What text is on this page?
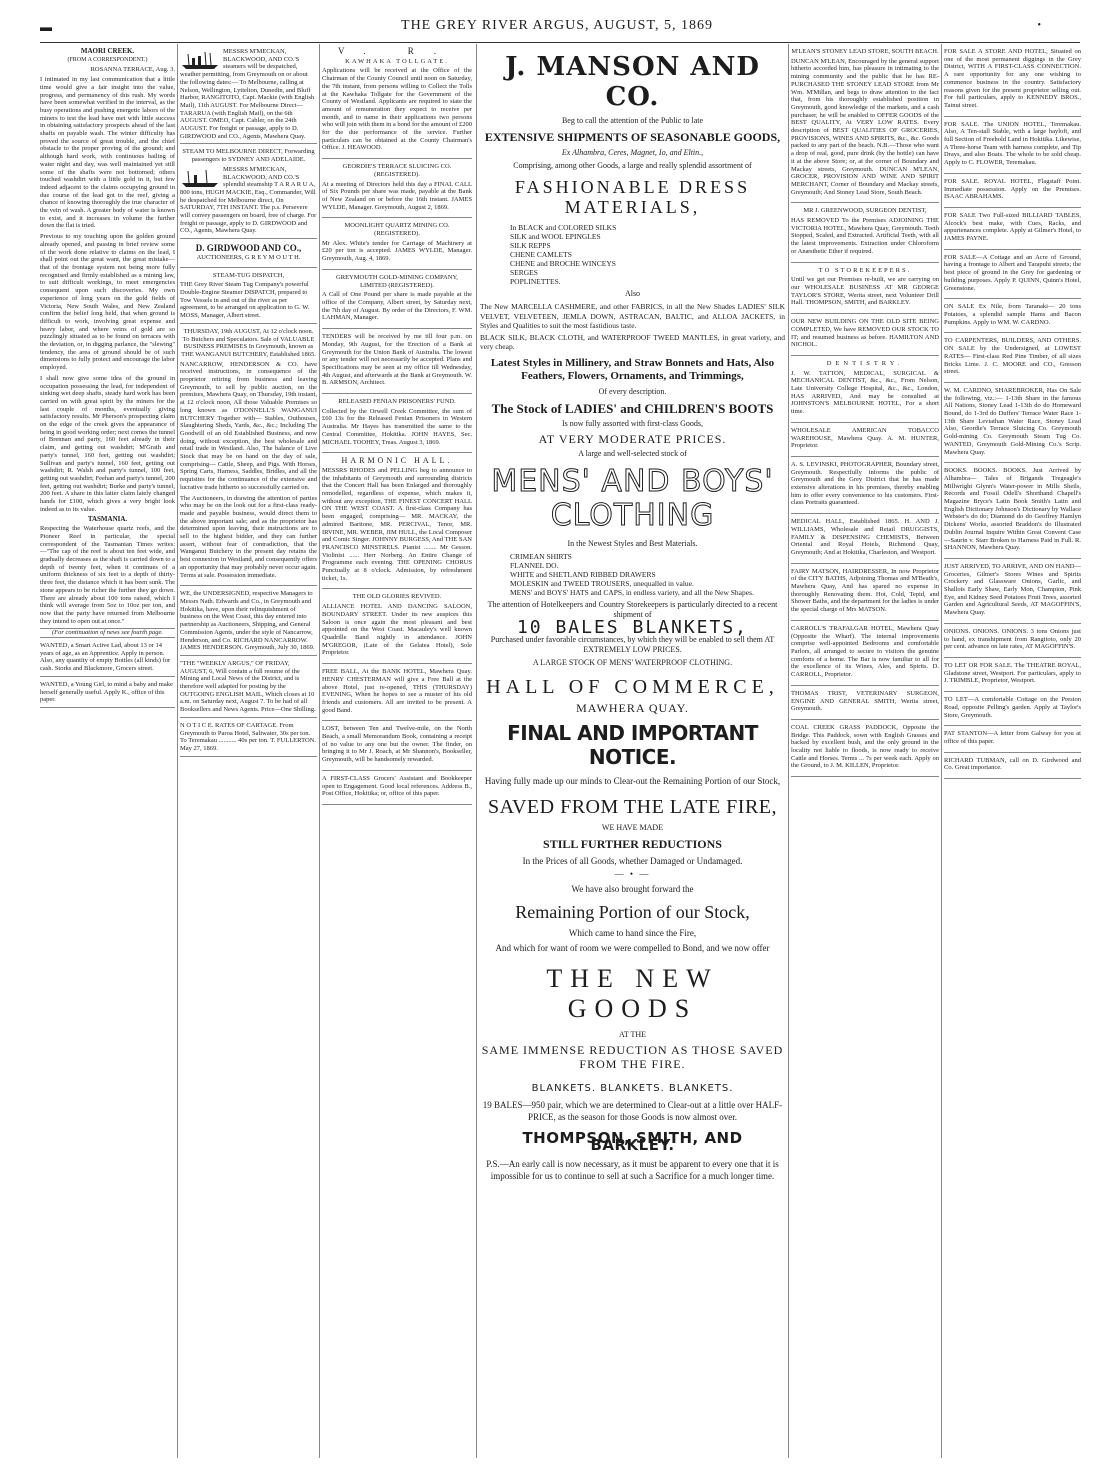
▬	THE GREY RIVER ARGUS, AUGUST, 5, 1869	•
MAORI CREEK.
(FROM A CORRESPONDENT.)
ROSANNA TERRACE, Aug. 3.

I intimated in my last communication that a little time would give a fair insight into the value, progress, and permanency of this rush. My words have been somewhat verified in the interval, as the busy operations and pushing energetic labors of the miners to test the lead have met with little success in obtaining satisfactory prospects ahead of the last shafts on payable wash. The winter difficulty has proved the source of great trouble, and the chief obstacle to the proper proving of the ground; and although hard work, with continuous bailing of water night and day, was well maintained yet still some of the shafts were not bottomed; others touched washdirt with a little gold in it, but few indeed adjacent to the claims occupying ground in due course of the lead got to the reef, giving a chance of knowing thoroughly the true character of the vein of wash. A greater body of water is known to exist, and it increases in volume the further down the flat is tried.

Previous to my touching upon the golden ground already opened, and passing in brief review some of the work done relative to claims on the lead, I shall point out the great want, the great mistake—that of the frontage system not being more fully recognised and firmly established as a mining law, to suit difficult workings, to meet emergencies consequent upon such discoveries. My own experience of long years on the gold fields of Victoria, New South Wales, and New Zealand confirm the belief long held, that when ground is difficult to work, involving great expense and heavy labor, and where veins of gold are so puzzlingly situated as to be found on terraces with the deviation, or, in digging parlance, the "slewing" tendency, the area of ground should be of such dimensions to fully protect and encourage the labor employed.

I shall now give some idea of the ground in occupation possessing the lead, for independent of sinking wet deep shafts, steady hard work has been carried on with great spirit by the miners for the last couple of months, eventually giving satisfactory results. Mr Pherson's prospecting claim on the edge of the creek gives the appearance of being in good working order; next comes the tunnel of Brennan and party, 160 feet already in their claim, and getting out washdirt; M'Grath and party's tunnel, 160 feet, getting out washdirt; Sullivan and party's tunnel, 160 feet, getting out washdirt; R. Walsh and party's tunnel, 100 feet, getting out washdirt; Feehan and party's tunnel, 200 feet, getting out washdirt; Burke and party's tunnel, 200 feet. A share in this latter claim lately changed hands for £100, which gives a very bright look indeed as to its value.

TASMANIA.

Respecting the Waterhouse quartz reefs, and the Pioneer Reef in particular, the special correspondent of the Tasmanian Times writes:—"The cap of the reef is about ten feet wide, and gradually decreases as the shaft is carried down to a depth of twenty feet, when it continues of a uniform thickness of six feet to a depth of thirty-three feet, the distance which it has been sunk. The stone appears to be richer the further they go down. There are already about 100 tons raised, which I think will average from 5oz to 10oz per ton, and now that the party have returned from Melbourne they intend to open out at once."

(For continuation of news see fourth page.
WANTED, a Smart Active Lad, about 13 or 14 years of age, as an Apprentice. Apply in person. Also, any quantity of empty Bottles (all kinds) for cash. Storks and Blackmore, Grocers street.
WANTED, a Young Girl, to mind a baby and make herself generally useful. Apply K., office of this paper.
MESSRS M'MECKAN, BLACKWOOD, AND CO.'S steamers will be despatched, weather permitting, from Greymouth on or about the following dates:— To Melbourne, calling at Nelson, Wellington, Lyttelton, Dunedin, and Bluff Harbor, RANGITOTO, Capt. Mackie (with English Mail), 11th AUGUST. For Melbourne Direct— TARARUA (with English Mail), on the 6th AUGUST. OMEO, Capt. Cabler, on the 24th AUGUST. For freight or passage, apply to D. GIRDWOOD and CO., Agents, Mawhera Quay.
STEAM TO MELBOURNE DIRECT, Forwarding passengers to SYDNEY AND ADELAIDE.
MESSRS M'MECKAN, BLACKWOOD, AND CO.'S splendid steamship T A R A R U A, 800 tons, HUGH MACKIE, Esq., Commander, Will be despatched for Melbourne direct, On SATURDAY, 7TH INSTANT. The p.s. Persevere will convey passengers on board, free of charge. For freight or passage, apply to D. GIRDWOOD and CO., Agents, Mawhera Quay.
D. GIRDWOOD AND CO.,
AUCTIONEERS, G R E Y M O U T H.
STEAM-TUG DISPATCH,
THE Grey River Steam Tug Company's powerful Double-Engine Steamer DISPATCH, prepared to Tow Vessels in and out of the river as per agreement, to be arranged on application to G. W. MOSS, Manager, Albert street.
THURSDAY, 19th AUGUST, At 12 o'clock noon. To Butchers and Speculators. Sale of VALUABLE BUSINESS PREMISES In Greymouth, known as THE WANGANUI BUTCHERY, Established 1865.

NANCARROW, HENDERSON & CO. have received instructions, in consequence of the proprietor retiring from business and leaving Greymouth, to sell by public auction, on the premises, Mawhera Quay, on Thursday, 19th instant, at 12 o'clock noon, All those Valuable Premises so long known as O'DONNELL'S WANGANUI BUTCHERY Together with— Stables, Outhouses, Slaughtering Sheds, Yards, &c., &c.; Including The Goodwill of an old Established Business, and now doing, without exception, the best wholesale and retail trade in Westland. Also, The balance of Live Stock that may be on hand on the day of sale, comprising— Cattle, Sheep, and Pigs. With Horses, Spring Carts, Harness, Saddles, Bridles, and all the requisites for the continuance of the extensive and lucrative trade hitherto so successfully carried on.

The Auctioneers, in drawing the attention of parties who may be on the look out for a first-class ready-made and payable business, would direct them to the above important sale; and as the proprietor has determined upon leaving, their instructions are to sell to the highest bidder, and they can further assert, without fear of contradiction, that the Wanganui Butchery in the present day retains the best connexion in Westland, and consequently offers an opportunity that may probably never occur again. Terms at sale. Possession immediate.

WE, the UNDERSIGNED, respective Managers to Messrs Nath. Edwards and Co., in Greymouth and Hokitika, have, upon their relinquishment of business on the West Coast, this day entered into partnership as Auctioneers, Shipping, and General Commission Agents, under the style of Nancarrow, Henderson, and Co. RICHARD NANCARROW. JAMES HENDERSON. Greymouth, July 30, 1869.
"THE "WEEKLY ARGUS," OF FRIDAY, AUGUST, 6, Will contain a full resume of the Mining and Local News of the District, and is therefore well adapted for posting by the OUTGOING ENGLISH MAIL, Which closes at 10 a.m. on Saturday next, August 7. To be had of all Booksellers and News Agents. Price—One Shilling.
N O T I C E. RATES OF CARTAGE. From Greymouth to Paroa Hotel, Saltwater, 30s per ton. To Teremakau ........... 40s per ton. T. FULLERTON. May 27, 1869.
V. R.
KAWHAKA TOLLGATE.

Applications will be received at the Office of the Chairman of the County Council until noon on Saturday, the 7th instant, from persons willing to Collect the Tolls at the Kawhaka Tollgate for the Government of the County of Westland. Applicants are required to state the amount of remuneration they expect to receive per month, and to name in their applications two persons who will join with them in a bond for the amount of £200 for the due performance of the service. Further particulars can be obtained at the County Chairman's Office. J. HEAWOOD.

GEORDIE'S TERRACE SLUICING CO. (REGISTERED).

At a meeting of Directors held this day a FINAL CALL of Six Pounds per share was made, payable at the Bank of New Zealand on or before the 16th instant. JAMES WYLDE, Manager. Greymouth, August 2, 1869.

MOONLIGHT QUARTZ MINING CO. (REGISTERED).

Mr Alex. White's tender for Carriage of Machinery at £20 per ton is accepted. JAMES WYLDE, Manager. Greymouth, Aug. 4, 1869.

GREYMOUTH GOLD-MINING COMPANY, LIMITED (REGISTERED).

A Call of One Pound per share is made payable at the office of the Company, Albert street, by Saturday next, the 7th day of August. By order of the Directors, F. WM. LAHMAN, Manager.

TENDERS will be received by me till four p.m. on Monday, 9th August, for the Erection of a Bank at Greymouth for the Union Bank of Australia. The lowest or any tender will not necessarily be accepted. Plans and Specifications may be seen at my office till Wednesday, 4th August, and afterwards at the Bank at Greymouth. W. B. ARMSON, Architect.

RELEASED FENIAN PRISONERS' FUND.

Collected by the Orwell Creek Committee, the sum of £60 13s for the Released Fenian Prisoners in Western Australia. Mr Hayes has transmitted the same to the Central Committee, Hokitika. JOHN HAYES, Sec. MICHAEL TOOHEY, Treas. August 3, 1869.

HARMONIC HALL.

MESSRS RHODES and PELLING beg to announce to the inhabitants of Greymouth and surrounding districts that the Concert Hall has been Enlarged and thoroughly remodelled, regardless of expense, which makes it, without any exception, THE FINEST CONCERT HALL ON THE WEST COAST. A first-class Company has been engaged, comprising— MR. MACKAY, the admired Baritone, MR. PERCIVAL, Tenor, MR. IRVINE, MR. WEBER, JIM HULL, the Local Composer and Comic Singer. JOHNNY BURGESS, And THE SAN FRANCISCO MINSTRELS. Pianist ........ Mr Gesson. Violinist ...... Herr Norberg. An Entire Change of Programme each evening. THE OPENING CHORUS Punctually at 8 o'clock. Admission, by refreshment ticket, 1s.

THE OLD GLORIES REVIVED.

ALLIANCE HOTEL AND DANCING SALOON, BOUNDARY STREET. Under its new auspices this Saloon is once again the most pleasant and best appointed on the West Coast. Macauley's well known Quadrille Band nightly in attendance. JOHN M'GREGOR, (Late of the Gelatea Hotel), Sole Proprietor.

FREE BALL, At the BANK HOTEL, Mawhera Quay. HENRY CHESTERMAN will give a Free Ball at the above Hotel, just re-opened, THIS (THURSDAY) EVENING, When he hopes to see a muster of his old friends and customers. All are invited to be present. A good Band.

LOST, between Ten and Twelve-mile, on the North Beach, a small Memorandum Book, containing a receipt of no value to any one but the owner. The finder, on bringing it to Mr J. Roach, at Mr Shannon's, Bookseller, Greymouth, will be handsomely rewarded.

A FIRST-CLASS Grocers' Assistant and Bookkeeper open to Engagement. Good local references. Address B., Post Office, Hokitika; or, office of this paper.

J. MANSON AND CO.
Beg to call the attention of the Public to late
EXTENSIVE SHIPMENTS OF SEASONABLE GOODS,
Ex Alhambra, Ceres, Magnet, Io, and Eltin.,
Comprising, among other Goods, a large and really splendid assortment of
FASHIONABLE DRESS MATERIALS,
In BLACK and COLORED SILKS
SILK and WOOL EPINGLES
SILK REPPS
CHENE CAMLETS
CHENE and BROCHE WINCEYS
SERGES
POPLINETTES.
Also
The New MARCELLA CASHMERE, and other FABRICS, in all the New Shades LADIES' SILK VELVET, VELVETEEN, JEMLA DOWN, ASTRACAN, BALTIC, and ALLOA JACKETS, in Styles and Qualities to suit the most fastidious taste.
BLACK SILK, BLACK CLOTH, and WATERPROOF TWEED MANTLES, in great variety, and very cheap.
Latest Styles in Millinery, and Straw Bonnets and Hats, Also Feathers, Flowers, Ornaments, and Trimmings,
Of every description.
The Stock of LADIES' and CHILDREN'S BOOTS
Is now fully assorted with first-class Goods,
AT VERY MODERATE PRICES.
A large and well-selected stock of
MENS' AND BOYS' CLOTHING
In the Newest Styles and Best Materials.
CRIMEAN SHIRTS
FLANNEL DO.
WHITE and SHETLAND RIBBED DRAWERS
MOLESKIN and TWEED TROUSERS, unequalled in value.
MENS' and BOYS' HATS and CAPS, in endless variety, and all the New Shapes.
The attention of Hotelkeepers and Country Storekeepers is particularly directed to a recent shipment of
10 BALES BLANKETS,
Purchased under favorable circumstances, by which they will be enabled to sell them AT EXTREMELY LOW PRICES.
A LARGE STOCK OF MENS' WATERPROOF CLOTHING.
HALL OF COMMERCE,
MAWHERA QUAY.
FINAL AND IMPORTANT NOTICE.
Having fully made up our minds to Clear-out the Remaining Portion of our Stock,
SAVED FROM THE LATE FIRE,
WE HAVE MADE
STILL FURTHER REDUCTIONS
In the Prices of all Goods, whether Damaged or Undamaged.
— • —
We have also brought forward the
Remaining Portion of our Stock,
Which came to hand since the Fire,
And which for want of room we were compelled to Bond, and we now offer
THE NEW GOODS
AT THE
SAME IMMENSE REDUCTION AS THOSE SAVED FROM THE FIRE.
BLANKETS. BLANKETS. BLANKETS.
19 BALES—950 pair, which we are determined to Clear-out at a little over HALF-PRICE, as the season for those Goods is now almost over.
THOMPSON, SMITH, AND BARKLEY.
P.S.—An early call is now necessary, as it must be apparent to every one that it is impossible for us to continue to sell at such a Sacrifice for a much longer time.
M'LEAN'S STONEY LEAD STORE, SOUTH BEACH.

DUNCAN M'LEAN, Encouraged by the general support hitherto accorded him, has pleasure in intimating to the mining community and the public that he has RE-PURCHASED THE STONEY LEAD STORE from Mr Wm. M'Millan, and begs to draw attention to the fact that, from his thoroughly established position in Greymouth, good knowledge of the markets, and a cash purchaser, he will be enabled to OFFER GOODS of the BEST QUALITY, At VERY LOW RATES. Every description of BEST QUALITIES OF GROCERIES, PROVISIONS, WINES AND SPIRITS, &c., &c. Goods packed to any part of the beach. N.B.—Those who want a drop of real, good, pure drink (by the bottle) can have it at the above Store; or, at the corner of Boundary and Mackay streets, Greymouth. DUNCAN M'LEAN, GROCER, PROVISION AND WINE AND SPIRIT MERCHANT, Corner of Boundary and Mackay streets, Greymouth; And Stoney Lead Store, South Beach.

MR J. GREENWOOD, SURGEON DENTIST,

HAS REMOVED To the Premises ADJOINING THE VICTORIA HOTEL, Mawhera Quay, Greymouth. Teeth Stopped, Scaled, and Extracted. Artificial Teeth, with all the latest improvements. Extraction under Chloroform or Anæsthetic Ether if required.

TO STOREKEEPERS.

Until we get our Premises re-built, we are carrying on our WHOLESALE BUSINESS AT MR GEORGE TAYLOR'S STORE, Werita street, next Volunteer Drill Hall. THOMPSON, SMITH, and BARKLEY.

OUR NEW BUILDING ON THE OLD SITE BEING COMPLETED, We have REMOVED OUR STOCK TO IT; and resumed business as before. HAMILTON AND NICHOL.

DENTISTRY.

J. W. TATTON, MEDICAL, SURGICAL & MECHANICAL DENTIST, &c., &c., From Nelson, Late University College Hospital, &c., &c., London, HAS ARRIVED, And may be consulted at JOHNSTON'S MELBOURNE HOTEL, For a short time.

WHOLESALE AMERICAN TOBACCO WAREHOUSE, Mawhera Quay. A. M. HUNTER, Proprietor.

A. S. LEVINSKI, PHOTOGRAPHER, Boundary street, Greymouth. Respectfully informs the public of Greymouth and the Grey District that he has made extensive alterations in his premises, thereby enabling him to offer every convenience to his customers. First-class Portraits guaranteed.

MEDICAL HALL, Established 1865. H. AND J. WILLIAMS, Wholesale and Retail DRUGGISTS, FAMILY & DISPENSING CHEMISTS, Between Oriental and Royal Hotels, Richmond Quay, Greymouth; And at Hokitika, Charleston, and Westport.

FAIRY MATSON, HAIRDRESSER, In now Proprietor of the CITY BATHS, Adjoining Thomas and M'Beath's, Mawhera Quay, And has spared no expense in thoroughly Renovating them. Hot, Cold, Tepid, and Shower Baths, and the department for the ladies is under the special charge of Mrs MATSON.

CARROLL'S TRAFALGAR HOTEL, Mawhera Quay (Opposite the Wharf). The internal improvements comprise well-appointed Bedrooms and comfortable Parlors, all arranged to secure to visitors the genuine comforts of a home. The Bar is now familiar to all for the excellence of its Wines, Ales, and Spirits. D. CARROLL, Proprietor.

THOMAS TRIST, VETERINARY SURGEON, ENGINE AND GENERAL SMITH, Werita street, Greymouth.

COAL CREEK GRASS PADDOCK, Opposite the Bridge. This Paddock, sown with English Grasses and backed by excellent bush, and the only ground in the locality not liable to floods, is now ready to receive Cattle and Horses. Terms ... 7s per week each. Apply on the Ground, to J. M. KILLEN, Proprietor.

FOR SALE A STORE AND HOTEL, Situated on one of the most permanent diggings in the Grey District, WITH A FIRST-CLASS CONNECTION. A rare opportunity for any one wishing to commence business in the country. Satisfactory reasons given for the present proprietor selling out. For full particulars, apply to KENNEDY BROS., Tainui street.

FOR SALE. The UNION HOTEL, Teremakau. Also, A Ten-stall Stable, with a large hayloft, and full Section of Freehold Land in Hokitika. Likewise, A Three-horse Team with harness complete, and Tip Drays, and also Boats. The whole to be sold cheap. Apply to C. FLOWER, Teremakau.

FOR SALE. ROYAL HOTEL, Flagstaff Point. Immediate possession. Apply on the Premises. ISAAC ABRAHAMS.

FOR SALE Two Full-sized BILLIARD TABLES, Alcock's best make, with Cues, Racks, and appurtenances complete. Apply at Gilmer's Hotel, to JAMES PAYNE.

FOR SALE—A Cottage and an Acre of Ground, having a frontage to Albert and Tarapuhi streets; the best piece of ground in the Grey for gardening or building purposes. Apply P. QUINN, Quinn's Hotel, Greenstone.

ON SALE Ex Nile, from Taranaki— 20 tons Potatoes, a splendid sample Hams and Bacon Pumpkins. Apply to WM. W. CARDNO.

TO CARPENTERS, BUILDERS, AND OTHERS. ON SALE by the Undersigned, at LOWEST RATES— First-class Red Pine Timber, of all sizes Bricks Lime. J. C. MOORE and CO., Gresson street.

W. M. CARDNO, SHAREBROKER, Has On Sale the following, viz.:— 1-13th Share in the famous All Nations, Stoney Lead 1-13th do do Homeward Bound, do 1-3rd do Duffers' Terrace Water Race 1-13th Share Leviathan Water Race, Stoney Lead Also, Geordie's Terrace Sluicing Co. Greymouth Gold-mining Co. Greymouth Steam Tug Co. WANTED, Greymouth Gold-Mining Co.'s Scrip. Mawhera Quay.

BOOKS. BOOKS. BOOKS. Just Arrived by Alhambra— Tales of Brigands Tregeagle's Millwright Glynn's Water-power in Mills Sheils, Records and Fossil Odell's Shorthand Chapell's Magazine Bryce's Latin Book Smith's Latin and English Dictionary Johnson's Dictionary by Wallace Webster's do do; Diamond do do Geoffrey Hamlyn Dickens' Works, assorted Braddon's do Illustrated Dublin Journal Inquire Within Great Convent Case—Saurin v. Starr Broken to Harness Paid in Full. R. SHANNON, Mawhera Quay.

JUST ARRIVED, TO ARRIVE, AND ON HAND— Groceries, Gilmer's Stores Wines and Spirits Crockery and Glassware Onions, Garlic, and Shallots Early Shaw, Early Mon, Champion, Pink Eye, and Kidney Seed Potatoes Fruit Trees, assorted Garden and Agricultural Seeds, AT MAGOFFIN'S, Mawhera Quay.

ONIONS. ONIONS. ONIONS. 3 tons Onions just to hand, ex transhipment from Rangitoto, only 20 per cent. advance on late rates, AT MAGOFFIN'S.

TO LET OR FOR SALE. The THEATRE ROYAL, Gladstone street, Westport. For particulars, apply to J. TRIMBLE, Proprietor, Westport.

TO LET—A comfortable Cottage on the Preston Road, opposite Pelling's garden. Apply at Taylor's Store, Greymouth.

PAT STANTON—A letter from Galway for you at office of this paper.

RICHARD TUBMAN, call on D. Girdwood and Co. Great importance.
